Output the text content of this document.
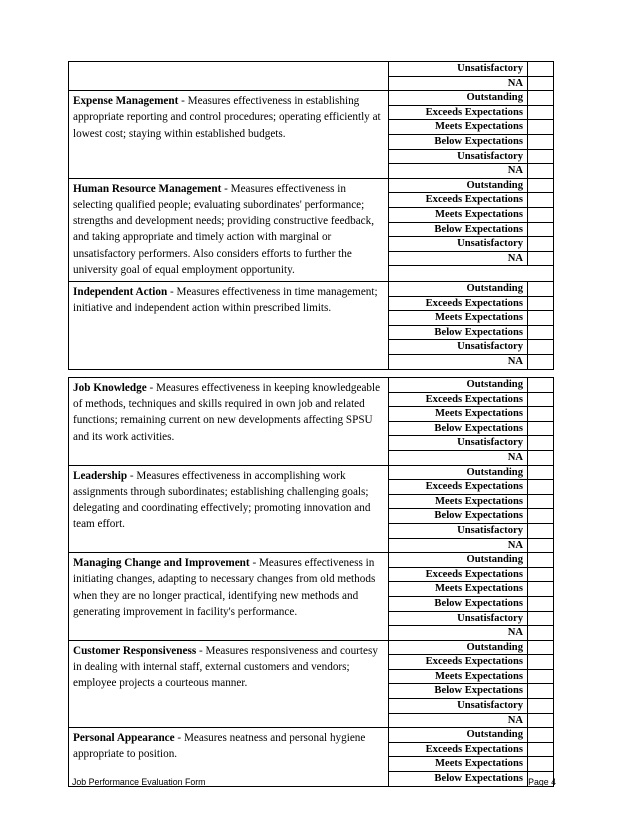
Unsatisfactory
NA
Expense Management - Measures effectiveness in establishing appropriate reporting and control procedures; operating efficiently at lowest cost; staying within established budgets.
Outstanding
Exceeds Expectations
Meets Expectations
Below Expectations
Unsatisfactory
NA
Human Resource Management - Measures effectiveness in selecting qualified people; evaluating subordinates' performance; strengths and development needs; providing constructive feedback, and taking appropriate and timely action with marginal or unsatisfactory performers. Also considers efforts to further the university goal of equal employment opportunity.
Outstanding
Exceeds Expectations
Meets Expectations
Below Expectations
Unsatisfactory
NA
Independent Action - Measures effectiveness in time management; initiative and independent action within prescribed limits.
Outstanding
Exceeds Expectations
Meets Expectations
Below Expectations
Unsatisfactory
NA
Job Knowledge - Measures effectiveness in keeping knowledgeable of methods, techniques and skills required in own job and related functions; remaining current on new developments affecting SPSU and its work activities.
Outstanding
Exceeds Expectations
Meets Expectations
Below Expectations
Unsatisfactory
NA
Leadership - Measures effectiveness in accomplishing work assignments through subordinates; establishing challenging goals; delegating and coordinating effectively; promoting innovation and team effort.
Outstanding
Exceeds Expectations
Meets Expectations
Below Expectations
Unsatisfactory
NA
Managing Change and Improvement - Measures effectiveness in initiating changes, adapting to necessary changes from old methods when they are no longer practical, identifying new methods and generating improvement in facility's performance.
Outstanding
Exceeds Expectations
Meets Expectations
Below Expectations
Unsatisfactory
NA
Customer Responsiveness - Measures responsiveness and courtesy in dealing with internal staff, external customers and vendors; employee projects a courteous manner.
Outstanding
Exceeds Expectations
Meets Expectations
Below Expectations
Unsatisfactory
NA
Personal Appearance - Measures neatness and personal hygiene appropriate to position.
Outstanding
Exceeds Expectations
Meets Expectations
Below Expectations
Job Performance Evaluation Form	Page 4
